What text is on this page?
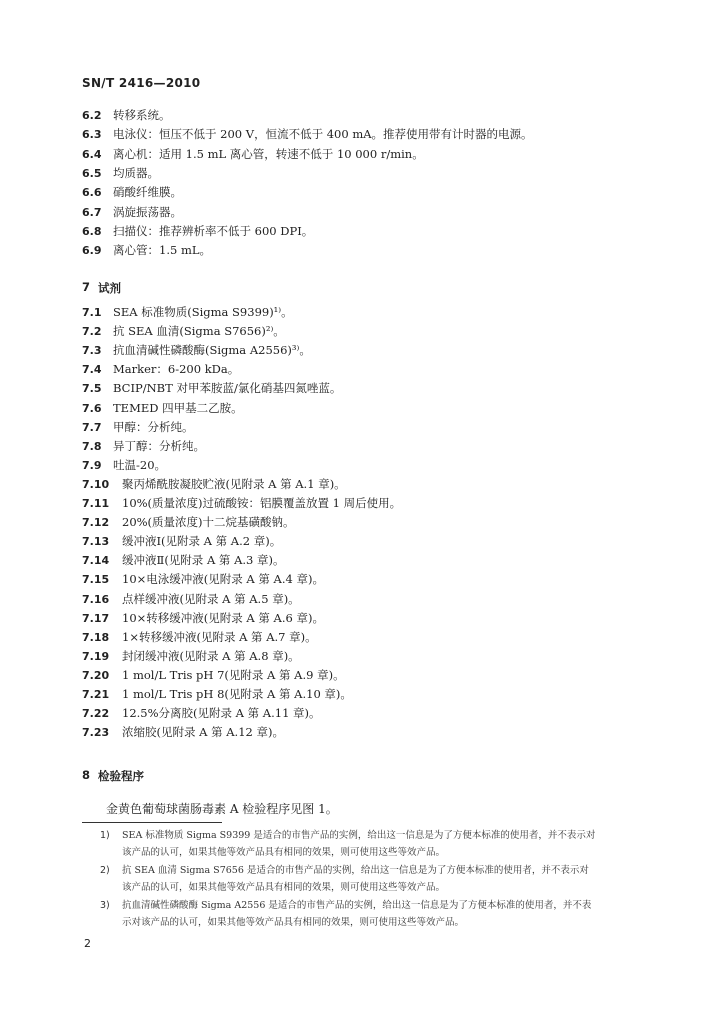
SN/T 2416—2010
6.2 转移系统。
6.3 电泳仪：恒压不低于 200 V，恒流不低于 400 mA。推荐使用带有计时器的电源。
6.4 离心机：适用 1.5 mL 离心管，转速不低于 10 000 r/min。
6.5 均质器。
6.6 硝酸纤维膜。
6.7 涡旋振荡器。
6.8 扫描仪：推荐辨析率不低于 600 DPI。
6.9 离心管：1.5 mL。
7 试剂
7.1 SEA 标准物质(Sigma S9399)¹⁾。
7.2 抗 SEA 血清(Sigma S7656)²⁾。
7.3 抗血清碱性磷酸酶(Sigma A2556)³⁾。
7.4 Marker：6-200 kDa。
7.5 BCIP/NBT 对甲苯胺蓝/氯化硝基四氮唑蓝。
7.6 TEMED 四甲基二乙胺。
7.7 甲醇：分析纯。
7.8 异丁醇：分析纯。
7.9 吐温-20。
7.10 聚丙烯酰胺凝胶贮液(见附录 A 第 A.1 章)。
7.11 10%(质量浓度)过硫酸铵：铝膜覆盖放置 1 周后使用。
7.12 20%(质量浓度)十二烷基磺酸钠。
7.13 缓冲液Ⅰ(见附录 A 第 A.2 章)。
7.14 缓冲液Ⅱ(见附录 A 第 A.3 章)。
7.15 10×电泳缓冲液(见附录 A 第 A.4 章)。
7.16 点样缓冲液(见附录 A 第 A.5 章)。
7.17 10×转移缓冲液(见附录 A 第 A.6 章)。
7.18 1×转移缓冲液(见附录 A 第 A.7 章)。
7.19 封闭缓冲液(见附录 A 第 A.8 章)。
7.20 1 mol/L Tris pH 7(见附录 A 第 A.9 章)。
7.21 1 mol/L Tris pH 8(见附录 A 第 A.10 章)。
7.22 12.5%分离胶(见附录 A 第 A.11 章)。
7.23 浓缩胶(见附录 A 第 A.12 章)。
8 检验程序
金黄色葡萄球菌肠毒素 A 检验程序见图 1。
1) SEA 标准物质 Sigma S9399 是适合的市售产品的实例，给出这一信息是为了方便本标准的使用者，并不表示对
该产品的认可，如果其他等效产品具有相同的效果，则可使用这些等效产品。
2) 抗 SEA 血清 Sigma S7656 是适合的市售产品的实例，给出这一信息是为了方便本标准的使用者，并不表示对
该产品的认可，如果其他等效产品具有相同的效果，则可使用这些等效产品。
3) 抗血清碱性磷酸酶 Sigma A2556 是适合的市售产品的实例，给出这一信息是为了方便本标准的使用者，并不表
示对该产品的认可，如果其他等效产品具有相同的效果，则可使用这些等效产品。
2
